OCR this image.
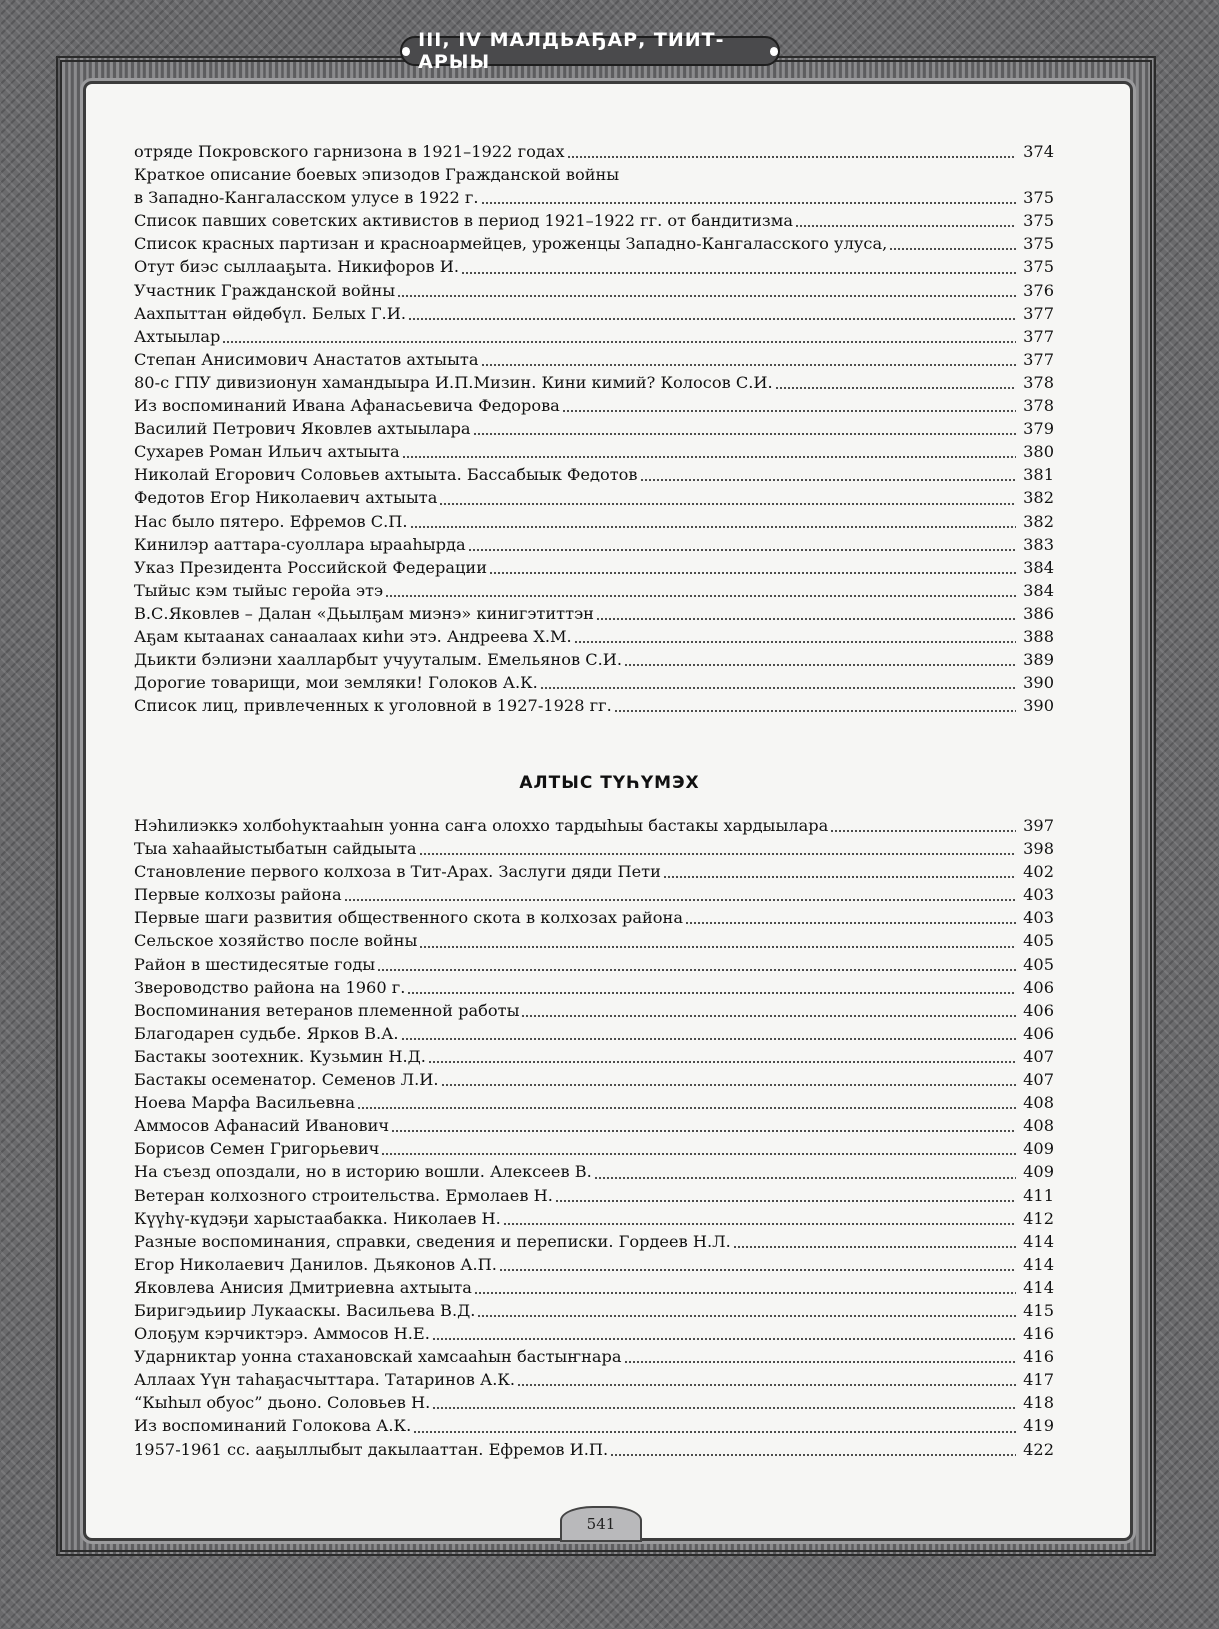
III, IV МАЛДЬАҔАР, ТИИТ-АРЫЫ
отряде Покровского гарнизона в 1921–1922 годах	374
Краткое описание боевых эпизодов Гражданской войны
в Западно-Кангаласском улусе в 1922 г.	375
Список павших советских активистов в период 1921–1922 гг. от бандитизма	375
Список красных партизан и красноармейцев, уроженцы Западно-Кангаласского улуса,	375
Отут биэс сыллааҕыта. Никифоров И.	375
Участник Гражданской войны	376
Аахпыттан өйдөбүл. Белых Г.И.	377
Ахтыылар	377
Степан Анисимович Анастатов ахтыыта	377
80-с ГПУ дивизионун хамандыыра И.П.Мизин. Кини кимий? Колосов С.И.	378
Из воспоминаний Ивана Афанасьевича Федорова	378
Василий Петрович Яковлев ахтыылара	379
Сухарев Роман Ильич ахтыыта	380
Николай Егорович Соловьев ахтыыта. Бассабыык Федотов	381
Федотов Егор Николаевич ахтыыта	382
Нас было пятеро. Ефремов С.П.	382
Кинилэр ааттара-суоллара ырааһырда	383
Указ Президента Российской Федерации	384
Тыйыс кэм тыйыс геройа этэ	384
В.С.Яковлев – Далан «Дьылҕам миэнэ» кинигэтиттэн	386
Аҕам кытаанах санаалаах киһи этэ. Андреева Х.М.	388
Дьикти бэлиэни хаалларбыт учууталым. Емельянов С.И.	389
Дорогие товарищи, мои земляки! Голоков А.К.	390
Список лиц, привлеченных к уголовной в 1927-1928 гг.	390
АЛТЫС ТҮҺҮМЭХ
Нэһилиэккэ холбоһуктааһын уонна саҥа олоххо тардыһыы бастакы хардыылара	397
Тыа хаһаайыстыбатын сайдыыта	398
Становление первого колхоза в Тит-Арах. Заслуги дяди Пети	402
Первые колхозы района	403
Первые шаги развития общественного скота в колхозах района	403
Сельское хозяйство после войны	405
Район в шестидесятые годы	405
Звероводство района на 1960 г.	406
Воспоминания ветеранов племенной работы	406
Благодарен судьбе. Ярков В.А.	406
Бастакы зоотехник. Кузьмин Н.Д.	407
Бастакы осеменатор. Семенов Л.И.	407
Ноева Марфа Васильевна	408
Аммосов Афанасий Иванович	408
Борисов Семен Григорьевич	409
На съезд опоздали, но в историю вошли. Алексеев В.	409
Ветеран колхозного строительства. Ермолаев Н.	411
Күүһү-күдэҕи харыстаабакка. Николаев Н.	412
Разные воспоминания, справки, сведения и переписки. Гордеев Н.Л.	414
Егор Николаевич Данилов. Дьяконов А.П.	414
Яковлева Анисия Дмитриевна ахтыыта	414
Биригэдьиир Лукааскы. Васильева В.Д.	415
Олоҕум кэрчиктэрэ. Аммосов Н.Е.	416
Ударниктар уонна стахановскай хамсааһын бастыҥнара	416
Аллаах Үүн таһаҕасчыттара. Татаринов А.К.	417
“Кыһыл обуос” дьоно. Соловьев Н.	418
Из воспоминаний Голокова А.К.	419
1957-1961 сс. ааҕыллыбыт дакылааттан. Ефремов И.П.	422
541
